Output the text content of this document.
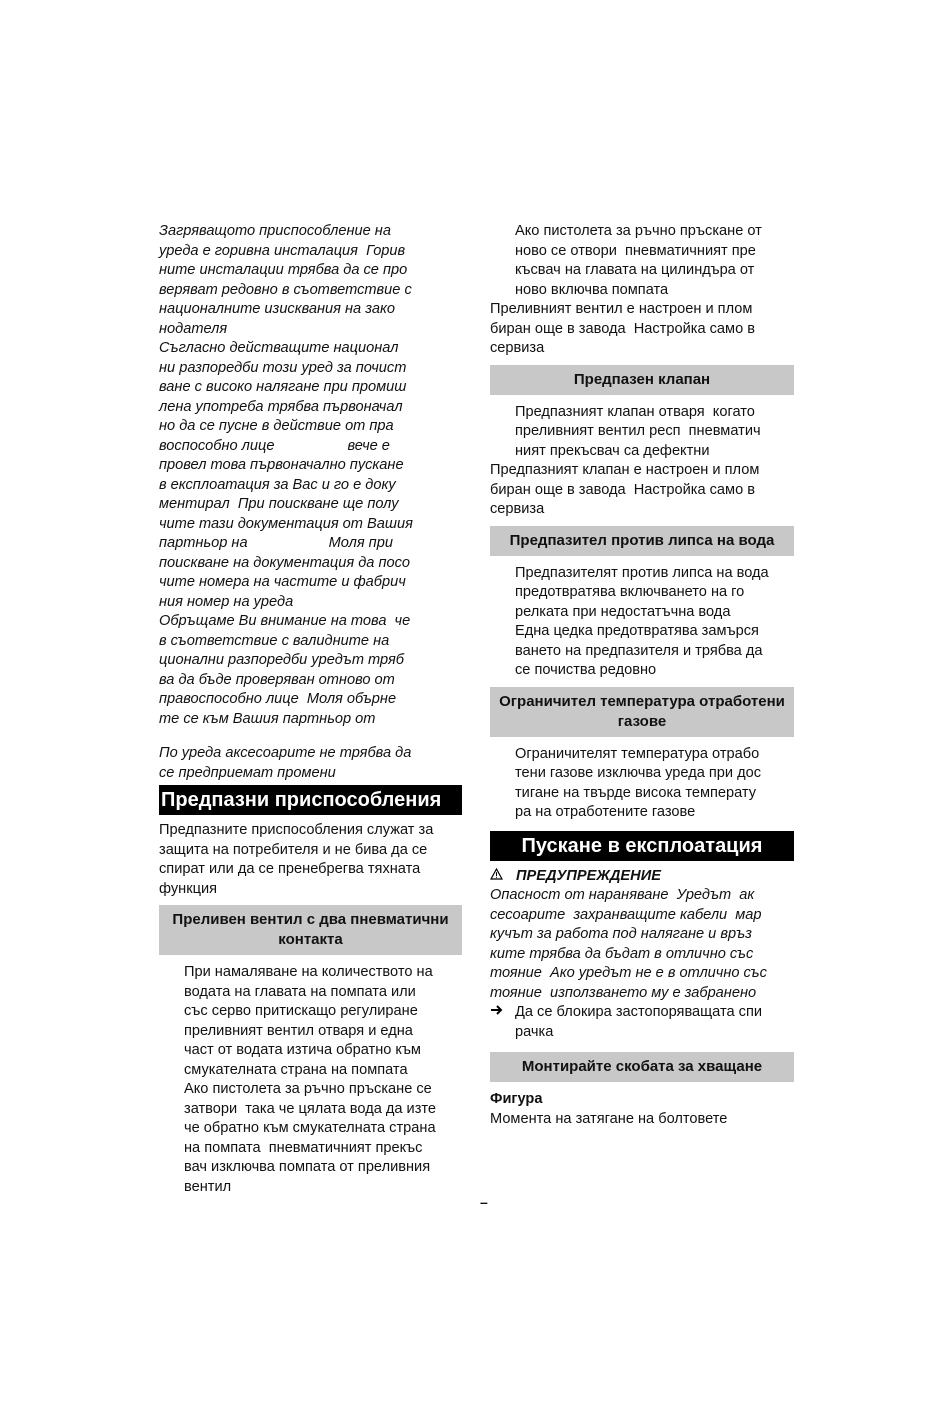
Загряващото приспособление на

уреда е горивна инсталация  Горив

ните инсталации трябва да се про

веряват редовно в съответствие с

националните изисквания на зако

нодателя

Съгласно действащите национал

ни разпоредби този уред за почист

ване с високо налягане при промиш

лена употреба трябва първоначал

но да се пусне в действие от пра

воспособно лице                  вече е

провел това първоначално пускане

в експлоатация за Вас и го е доку

ментирал  При поискване ще полу

чите тази документация от Вашия

партньор на                    Моля при

поискване на документация да посо

чите номера на частите и фабрич

ния номер на уреда

Обръщаме Ви внимание на това  че

в съответствие с валидните на

ционални разпоредби уредът тряб

ва да бъде проверяван отново от

правоспособно лице  Моля обърне

те се към Вашия партньор от

По уреда аксесоарите не трябва да

се предприемат промени

Предпазни приспособления

Предпазните приспособления служат за

защита на потребителя и не бива да се

спират или да се пренебрегва тяхната

функция

Преливен вентил с два пневматични контакта

При намаляване на количеството на

водата на главата на помпата или

със серво притискащо регулиране

преливният вентил отваря и една

част от водата изтича обратно към

смукателната страна на помпата

Ако пистолета за ръчно пръскане се

затвори  така че цялата вода да изте

че обратно към смукателната страна

на помпата  пневматичният прекъс

вач изключва помпата от преливния

вентил

Ако пистолета за ръчно пръскане от

ново се отвори  пневматичният пре

късвач на главата на цилиндъра от

ново включва помпата

Преливният вентил е настроен и плом

биран още в завода  Настройка само в

сервиза

Предпазен клапан

Предпазният клапан отваря  когато

преливният вентил респ  пневматич

ният прекъсвач са дефектни

Предпазният клапан е настроен и плом

биран още в завода  Настройка само в

сервиза

Предпазител против липса на вода

Предпазителят против липса на вода

предотвратява включването на го

релката при недостатъчна вода

Една цедка предотвратява замърся

ването на предпазителя и трябва да

се почиства редовно

Ограничител температура отработени газове

Ограничителят температура отрабо

тени газове изключва уреда при дос

тигане на твърде висока температу

ра на отработените газове

Пускане в експлоатация
ПРЕДУПРЕЖДЕНИЕ

Опасност от нараняване  Уредът  ак

сесоарите  захранващите кабели  мар

кучът за работа под налягане и връз

ките трябва да бъдат в отлично със

тояние  Ако уредът не е в отлично със

тояние  използването му е забранено

Да се блокира застопоряващата спи

рачка

Монтирайте скобата за хващане

Фигура

Момента на затягане на болтовете

–
